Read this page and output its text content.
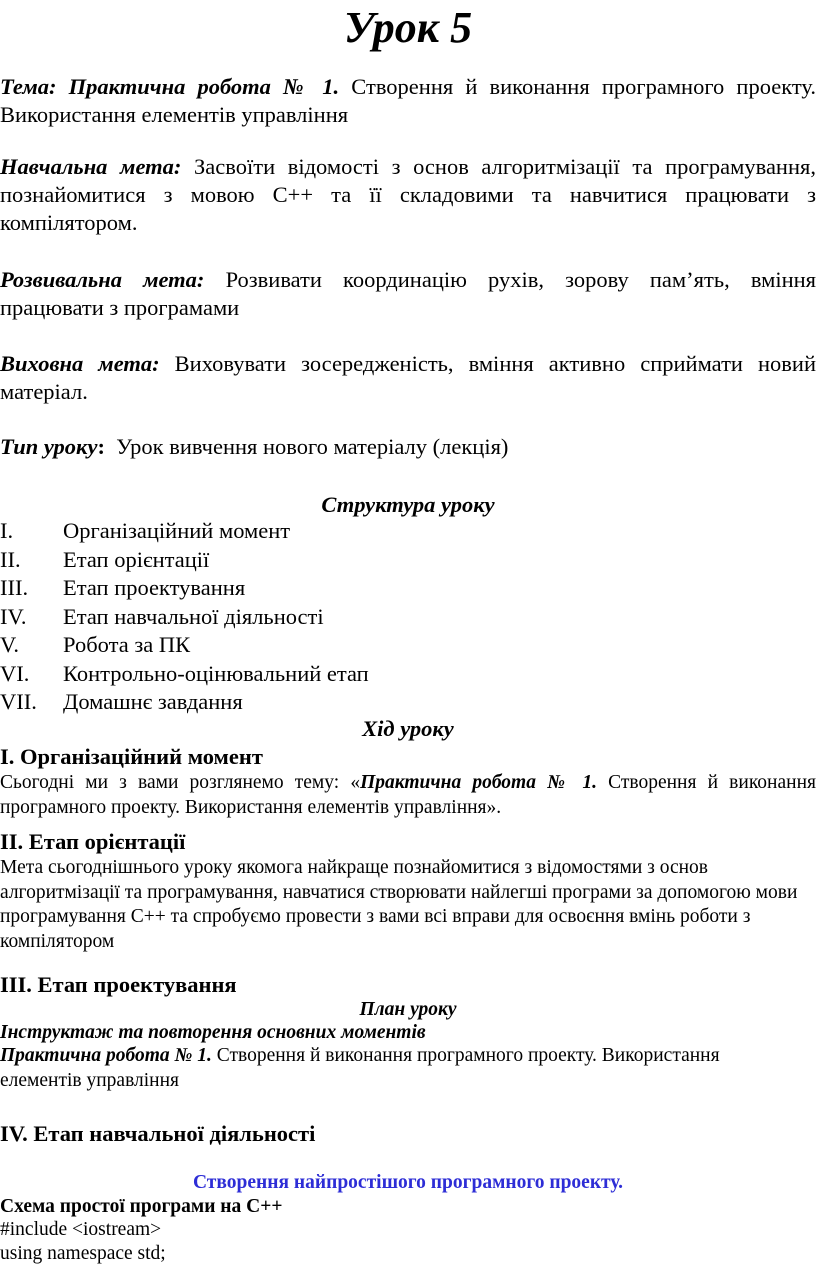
Урок 5
Тема: Практична робота № 1. Створення й виконання програмного проекту. Використання елементів управління
Навчальна мета: Засвоїти відомості з основ алгоритмізації та програмування, познайомитися з мовою С++ та її складовими та навчитися працювати з компілятором.
Розвивальна мета: Розвивати координацію рухів, зорову пам’ять, вміння працювати з програмами
Виховна мета: Виховувати зосередженість, вміння активно сприймати новий матеріал.
Тип уроку:  Урок вивчення нового матеріалу (лекція)
Структура уроку
I. Організаційний момент
II. Етап орієнтації
III. Етап проектування
IV. Етап навчальної діяльності
V. Робота за ПК
VI. Контрольно-оцінювальний етап
VII. Домашнє завдання
Хід уроку
I. Організаційний момент
Сьогодні ми з вами розглянемо тему: «Практична робота № 1. Створення й виконання програмного проекту. Використання елементів управління».
II. Етап орієнтації
Мета сьогоднішнього уроку якомога найкраще познайомитися з відомостями з основ алгоритмізації та програмування, навчатися створювати найлегші програми за допомогою мови програмування С++ та спробуємо провести з вами всі вправи для освоєння вмінь роботи з компілятором
III. Етап проектування
План уроку
Інструктаж та повторення основних моментів
Практична робота № 1. Створення й виконання програмного проекту. Використання елементів управління
IV. Етап навчальної діяльності
Створення найпростішого програмного проекту.
Схема простої програми на С++
#include <iostream>
using namespace std;
